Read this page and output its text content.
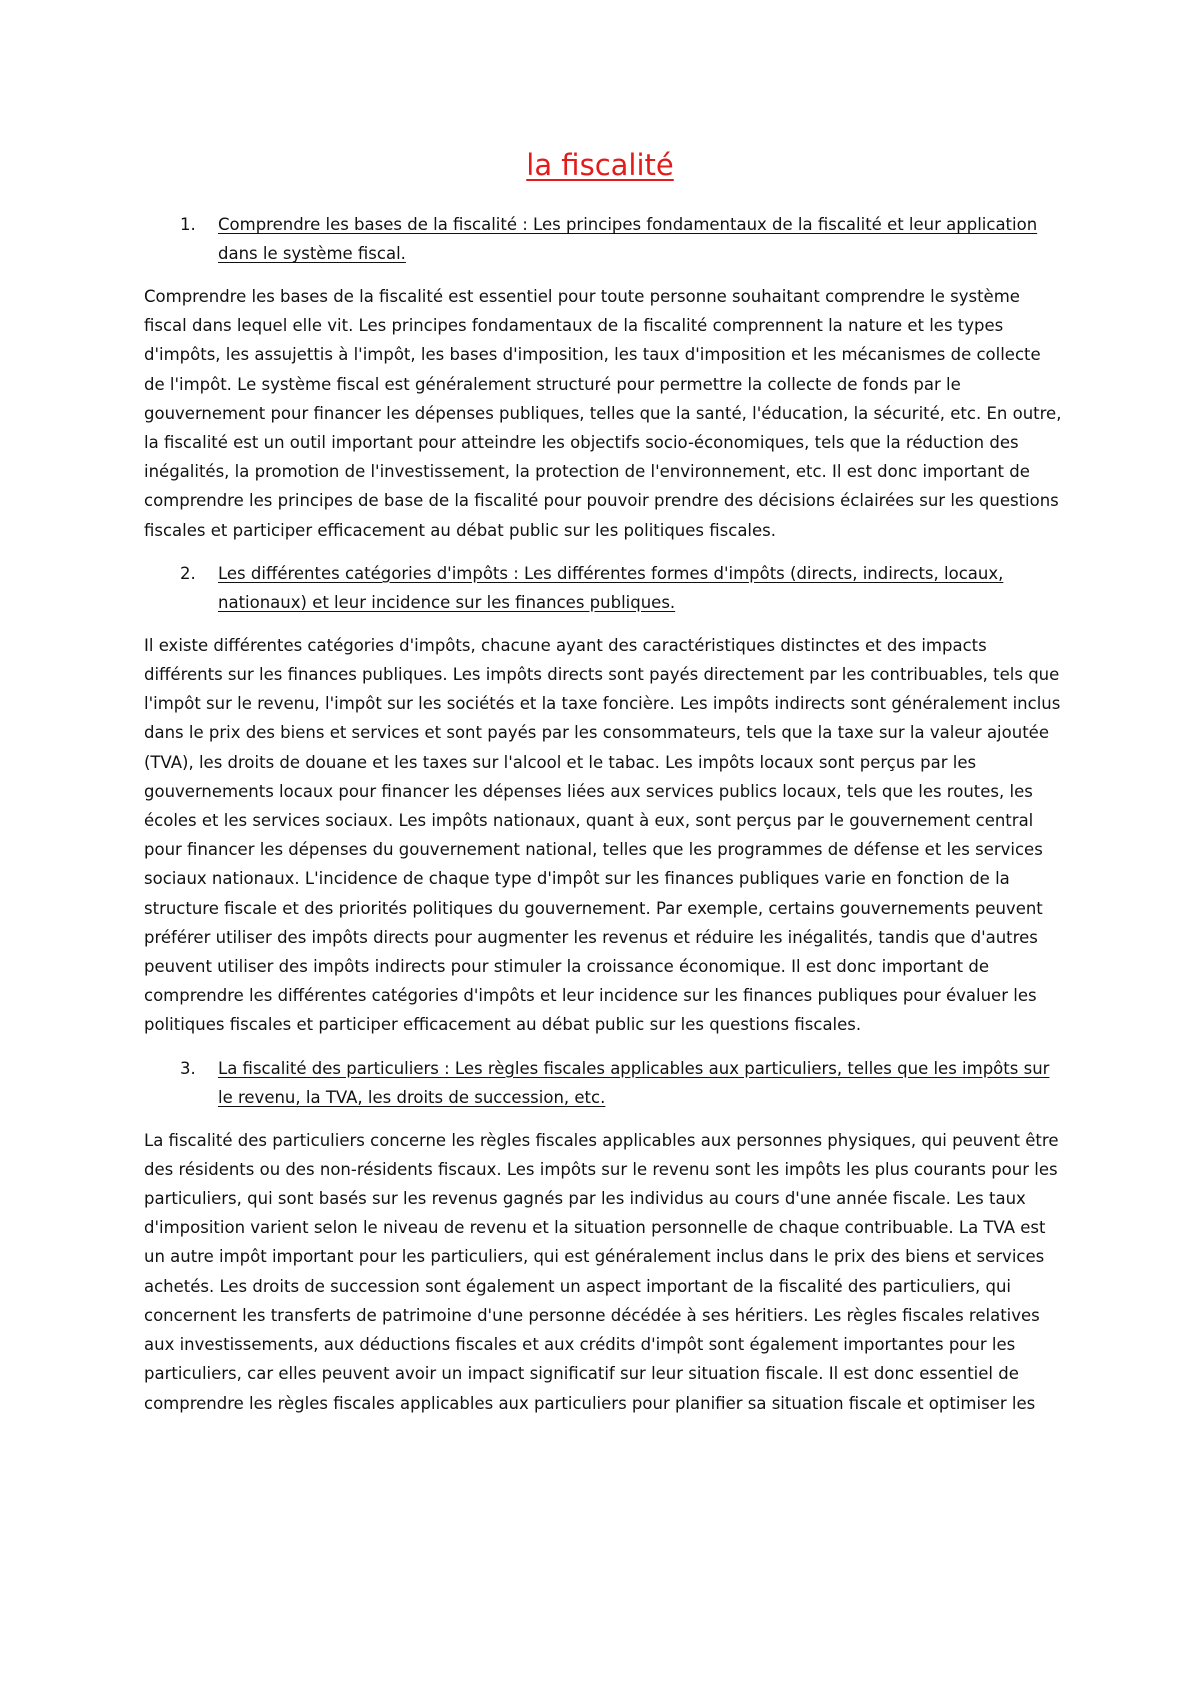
la fiscalité
1. Comprendre les bases de la fiscalité : Les principes fondamentaux de la fiscalité et leur application dans le système fiscal.

Comprendre les bases de la fiscalité est essentiel pour toute personne souhaitant comprendre le système fiscal dans lequel elle vit. Les principes fondamentaux de la fiscalité comprennent la nature et les types d'impôts, les assujettis à l'impôt, les bases d'imposition, les taux d'imposition et les mécanismes de collecte de l'impôt. Le système fiscal est généralement structuré pour permettre la collecte de fonds par le gouvernement pour financer les dépenses publiques, telles que la santé, l'éducation, la sécurité, etc. En outre, la fiscalité est un outil important pour atteindre les objectifs socio-économiques, tels que la réduction des inégalités, la promotion de l'investissement, la protection de l'environnement, etc. Il est donc important de comprendre les principes de base de la fiscalité pour pouvoir prendre des décisions éclairées sur les questions fiscales et participer efficacement au débat public sur les politiques fiscales.

2. Les différentes catégories d'impôts : Les différentes formes d'impôts (directs, indirects, locaux, nationaux) et leur incidence sur les finances publiques.

Il existe différentes catégories d'impôts, chacune ayant des caractéristiques distinctes et des impacts différents sur les finances publiques. Les impôts directs sont payés directement par les contribuables, tels que l'impôt sur le revenu, l'impôt sur les sociétés et la taxe foncière. Les impôts indirects sont généralement inclus dans le prix des biens et services et sont payés par les consommateurs, tels que la taxe sur la valeur ajoutée (TVA), les droits de douane et les taxes sur l'alcool et le tabac. Les impôts locaux sont perçus par les gouvernements locaux pour financer les dépenses liées aux services publics locaux, tels que les routes, les écoles et les services sociaux. Les impôts nationaux, quant à eux, sont perçus par le gouvernement central pour financer les dépenses du gouvernement national, telles que les programmes de défense et les services sociaux nationaux. L'incidence de chaque type d'impôt sur les finances publiques varie en fonction de la structure fiscale et des priorités politiques du gouvernement. Par exemple, certains gouvernements peuvent préférer utiliser des impôts directs pour augmenter les revenus et réduire les inégalités, tandis que d'autres peuvent utiliser des impôts indirects pour stimuler la croissance économique. Il est donc important de comprendre les différentes catégories d'impôts et leur incidence sur les finances publiques pour évaluer les politiques fiscales et participer efficacement au débat public sur les questions fiscales.

3. La fiscalité des particuliers : Les règles fiscales applicables aux particuliers, telles que les impôts sur le revenu, la TVA, les droits de succession, etc.

La fiscalité des particuliers concerne les règles fiscales applicables aux personnes physiques, qui peuvent être des résidents ou des non-résidents fiscaux. Les impôts sur le revenu sont les impôts les plus courants pour les particuliers, qui sont basés sur les revenus gagnés par les individus au cours d'une année fiscale. Les taux d'imposition varient selon le niveau de revenu et la situation personnelle de chaque contribuable. La TVA est un autre impôt important pour les particuliers, qui est généralement inclus dans le prix des biens et services achetés. Les droits de succession sont également un aspect important de la fiscalité des particuliers, qui concernent les transferts de patrimoine d'une personne décédée à ses héritiers. Les règles fiscales relatives aux investissements, aux déductions fiscales et aux crédits d'impôt sont également importantes pour les particuliers, car elles peuvent avoir un impact significatif sur leur situation fiscale. Il est donc essentiel de comprendre les règles fiscales applicables aux particuliers pour planifier sa situation fiscale et optimiser les
